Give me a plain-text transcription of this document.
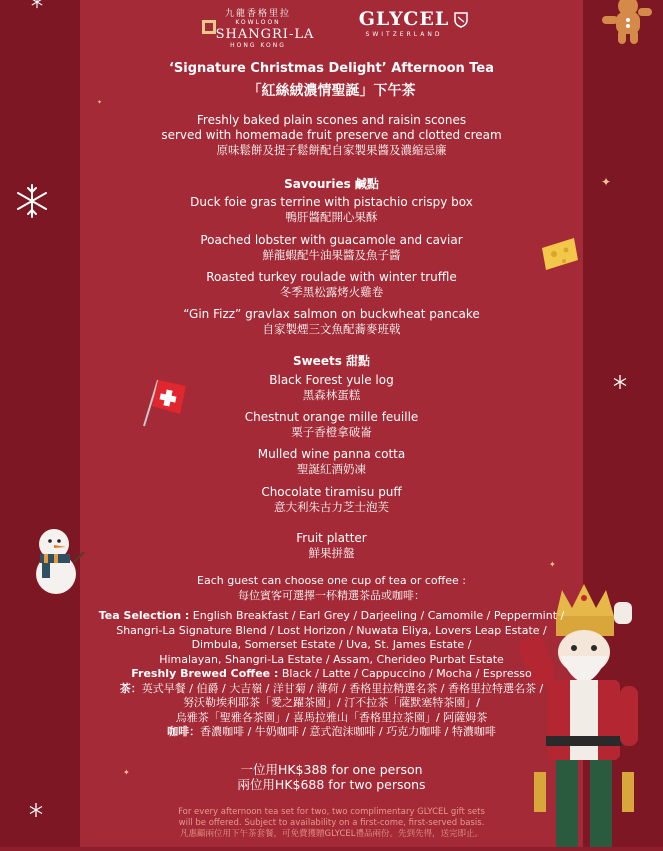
✦
✦
✦
✦
九龍香格里拉
KOWLOON
SHANGRI-LA
HONG KONG
GLYCEL
SWITZERLAND
‘Signature Christmas Delight’ Afternoon Tea
「紅絲絨濃情聖誕」下午茶
Freshly baked plain scones and raisin scones
served with homemade fruit preserve and clotted cream
原味鬆餅及提子鬆餅配自家製果醬及濃縮忌廉
Savouries 鹹點
Duck foie gras terrine with pistachio crispy box
鴨肝醬配開心果酥
Poached lobster with guacamole and caviar
鮮龍蝦配牛油果醬及魚子醬
Roasted turkey roulade with winter truffle
冬季黑松露烤火雞卷
“Gin Fizz” gravlax salmon on buckwheat pancake
自家製煙三文魚配蕎麥班戟
Sweets 甜點
Black Forest yule log
黑森林蛋糕
Chestnut orange mille feuille
栗子香橙拿破崙
Mulled wine panna cotta
聖誕紅酒奶凍
Chocolate tiramisu puff
意大利朱古力芝士泡芙
Fruit platter
鮮果拼盤
Each guest can choose one cup of tea or coffee :
每位賓客可選擇一杯精選茶品或咖啡：
Tea Selection : English Breakfast / Earl Grey / Darjeeling / Camomile / Peppermint /
Shangri-La Signature Blend / Lost Horizon / Nuwata Eliya, Lovers Leap Estate /
Dimbula, Somerset Estate / Uva, St. James Estate /
Himalayan, Shangri-La Estate / Assam, Cherideo Purbat Estate
Freshly Brewed Coffee : Black / Latte / Cappuccino / Mocha / Espresso
茶：英式早餐 / 伯爵 / 大吉嶺 / 洋甘菊 / 薄荷 / 香格里拉精選名茶 / 香格里拉特選名茶 /
努沃勒埃利耶茶「愛之躍茶園」/ 汀不拉茶「薩默塞特茶園」/
烏雅茶「聖雅各茶園」/ 喜馬拉雅山「香格里拉茶園」/ 阿薩姆茶
咖啡：香濃咖啡 / 牛奶咖啡 / 意式泡沫咖啡 / 巧克力咖啡 / 特濃咖啡
一位用HK$388 for one person
兩位用HK$688 for two persons
For every afternoon tea set for two, two complimentary GLYCEL gift sets
will be offered. Subject to availability on a first-come, first-served basis.
凡惠顧兩位用下午茶套餐，可免費獲贈GLYCEL禮品兩份。先到先得，送完即止。
